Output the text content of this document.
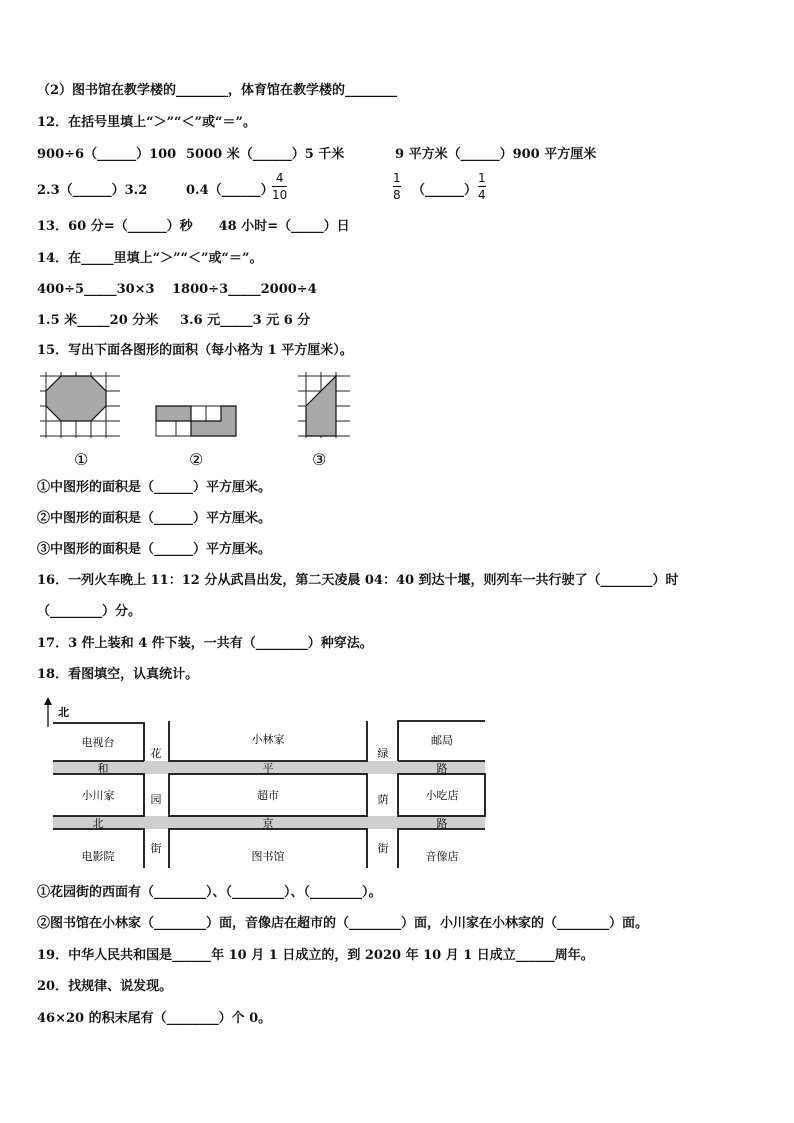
（2）图书馆在教学楼的________，体育馆在教学楼的________
12．在括号里填上“＞”“＜”或“＝”。
900÷6（______）100 5000 米（______）5 千米	9 平方米（______）900 平方厘米
2.3（______）3.2	0.4（______）
4
10
1
8 （______）
1
4
13．60 分=（______）秒　　48 小时=（_____）日
14．在_____里填上“＞”“＜”或“＝”。
400÷5_____30×3 1800÷3_____2000÷4
1.5 米_____20 分米 3.6 元_____3 元 6 分
15．写出下面各图形的面积（每小格为 1 平方厘米）。
①	②	③
①中图形的面积是（______）平方厘米。
②中图形的面积是（______）平方厘米。
③中图形的面积是（______）平方厘米。
16．一列火车晚上 11：12 分从武昌出发，第二天凌晨 04：40 到达十堰，则列车一共行驶了（________）时
（________）分。
17．3 件上装和 4 件下装，一共有（________）种穿法。
18．看图填空，认真统计。
北
电视台	小林家	邮局
小川家	超市	小吃店
电影院	图书馆	音像店
和	平	路
北	京	路
花
园
街
绿
荫
街
①花园街的西面有（________）、（________）、（________）。
②图书馆在小林家（________）面，音像店在超市的（________）面，小川家在小林家的（________）面。
19．中华人民共和国是______年 10 月 1 日成立的，到 2020 年 10 月 1 日成立______周年。
20．找规律、说发现。
46×20 的积末尾有（________）个 0。
